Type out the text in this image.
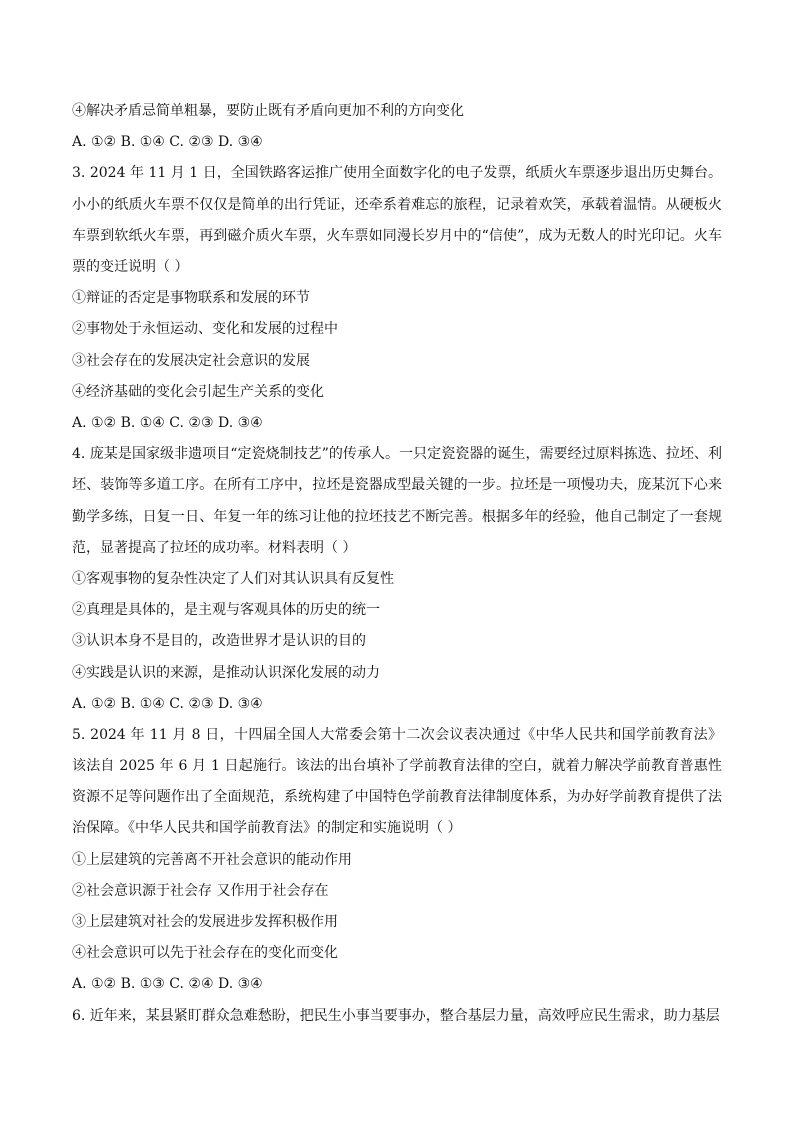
④解决矛盾忌简单粗暴，要防止既有矛盾向更加不利的方向变化
A. ①② B. ①④ C. ②③ D. ③④
3. 2024 年 11 月 1 日，全国铁路客运推广使用全面数字化的电子发票，纸质火车票逐步退出历史舞台。小小的纸质火车票不仅仅是简单的出行凭证，还牵系着难忘的旅程，记录着欢笑，承载着温情。从硬板火车票到软纸火车票，再到磁介质火车票，火车票如同漫长岁月中的“信使”，成为无数人的时光印记。火车票的变迁说明（ ）
①辩证的否定是事物联系和发展的环节
②事物处于永恒运动、变化和发展的过程中
③社会存在的发展决定社会意识的发展
④经济基础的变化会引起生产关系的变化
A. ①② B. ①④ C. ②③ D. ③④
4. 庞某是国家级非遗项目“定瓷烧制技艺”的传承人。一只定瓷瓷器的诞生，需要经过原料拣选、拉坯、利坯、装饰等多道工序。在所有工序中，拉坯是瓷器成型最关键的一步。拉坯是一项慢功夫，庞某沉下心来勤学多练，日复一日、年复一年的练习让他的拉坯技艺不断完善。根据多年的经验，他自己制定了一套规范，显著提高了拉坯的成功率。材料表明（ ）
①客观事物的复杂性决定了人们对其认识具有反复性
②真理是具体的，是主观与客观具体的历史的统一
③认识本身不是目的，改造世界才是认识的目的
④实践是认识的来源，是推动认识深化发展的动力
A. ①② B. ①④ C. ②③ D. ③④
5. 2024 年 11 月 8 日，十四届全国人大常委会第十二次会议表决通过《中华人民共和国学前教育法》 该法自 2025 年 6 月 1 日起施行。该法的出台填补了学前教育法律的空白，就着力解决学前教育普惠性资源不足等问题作出了全面规范，系统构建了中国特色学前教育法律制度体系，为办好学前教育提供了法治保障。《中华人民共和国学前教育法》的制定和实施说明（ ）
①上层建筑的完善离不开社会意识的能动作用
②社会意识源于社会存 又作用于社会存在
③上层建筑对社会的发展进步发挥积极作用
④社会意识可以先于社会存在的变化而变化
A. ①② B. ①③ C. ②④ D. ③④
6. 近年来，某县紧盯群众急难愁盼，把民生小事当要事办，整合基层力量，高效呼应民生需求，助力基层
